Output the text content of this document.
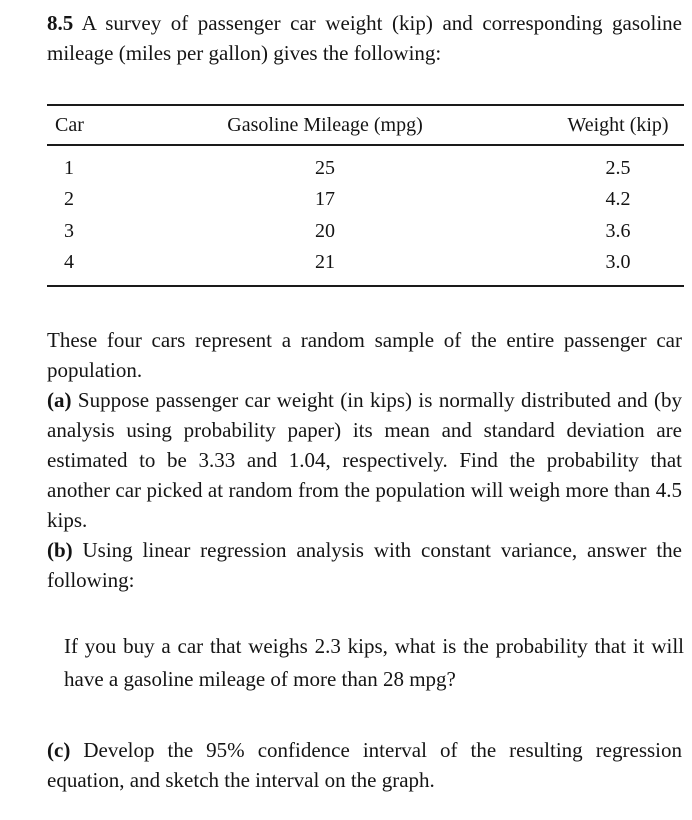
8.5 A survey of passenger car weight (kip) and corresponding gasoline mileage (miles per gallon) gives the following:

Car	Gasoline Mileage (mpg)	Weight (kip)
1	25	2.5
2	17	4.2
3	20	3.6
4	21	3.0

These four cars represent a random sample of the entire passenger car population.

(a) Suppose passenger car weight (in kips) is normally distributed and (by analysis using probability paper) its mean and standard deviation are estimated to be 3.33 and 1.04, respectively. Find the probability that another car picked at random from the population will weigh more than 4.5 kips.

(b) Using linear regression analysis with constant variance, answer the following:

If you buy a car that weighs 2.3 kips, what is the probability that it will have a gasoline mileage of more than 28 mpg?

(c) Develop the 95% confidence interval of the resulting regression equation, and sketch the interval on the graph.
